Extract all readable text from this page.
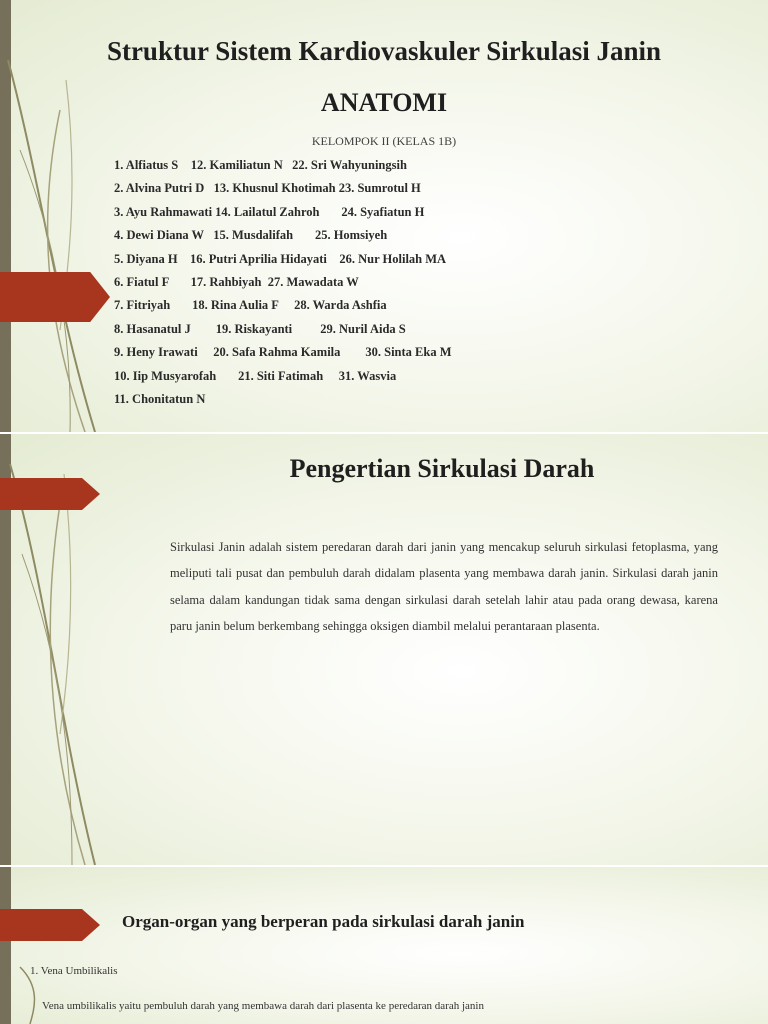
Struktur Sistem Kardiovaskuler Sirkulasi Janin
ANATOMI
KELOMPOK II (KELAS 1B)
1. Alfiatus S    12. Kamiliatun N   22. Sri Wahyuningsih
2. Alvina Putri D   13. Khusnul Khotimah 23. Sumrotul H
3. Ayu Rahmawati 14. Lailatul Zahroh       24. Syafiatun H
4. Dewi Diana W   15. Musdalifah       25. Homsiyeh
5. Diyana H    16. Putri Aprilia Hidayati    26. Nur Holilah MA
6. Fiatul F       17. Rahbiyah  27. Mawadata W
7. Fitriyah       18. Rina Aulia F     28. Warda Ashfia
8. Hasanatul J        19. Riskayanti         29. Nuril Aida S
9. Heny Irawati     20. Safa Rahma Kamila        30. Sinta Eka M
10. Iip Musyarofah       21. Siti Fatimah     31. Wasvia
11. Chonitatun N
Pengertian Sirkulasi Darah

Sirkulasi Janin adalah sistem peredaran darah dari janin yang mencakup seluruh sirkulasi fetoplasma, yang meliputi tali pusat dan pembuluh darah didalam plasenta yang membawa darah janin. Sirkulasi darah janin selama dalam kandungan tidak sama dengan sirkulasi darah setelah lahir atau pada orang dewasa, karena paru janin belum berkembang sehingga oksigen diambil melalui perantaraan plasenta.

Organ-organ yang berperan pada sirkulasi darah janin
1. Vena Umbilikalis
Vena umbilikalis yaitu pembuluh darah yang membawa darah dari plasenta ke peredaran darah janin
